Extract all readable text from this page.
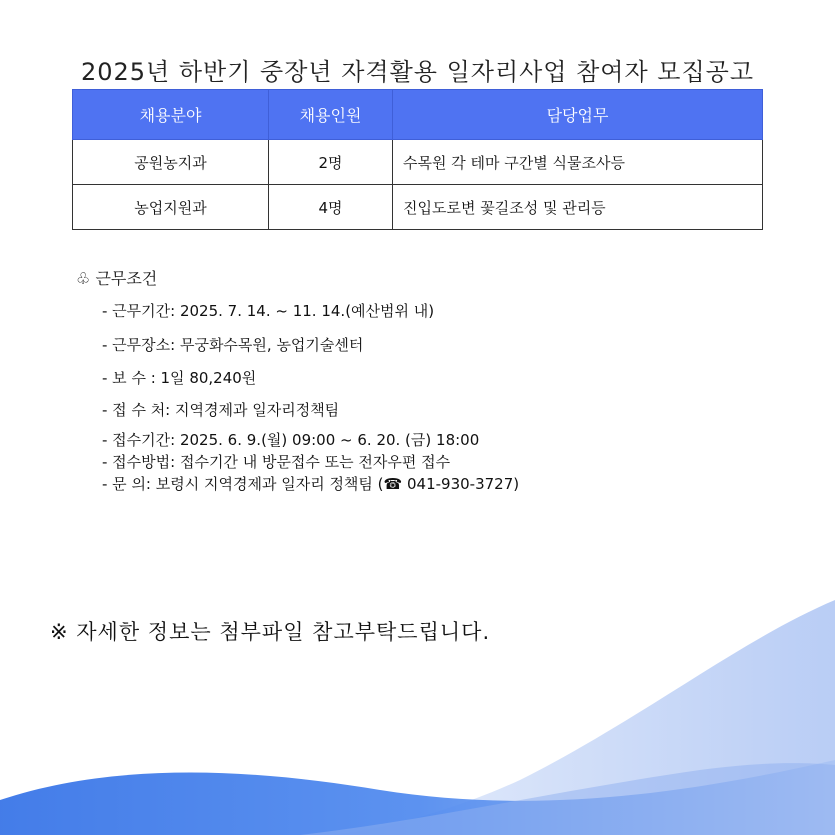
2025년 하반기 중장년 자격활용 일자리사업 참여자 모집공고
채용분야	채용인원	담당업무
공원농지과	2명	수목원 각 테마 구간별 식물조사등
농업지원과	4명	진입도로변 꽃길조성 및 관리등
♧ 근무조건
- 근무기간: 2025. 7. 14. ~ 11. 14.(예산범위 내)
- 근무장소: 무궁화수목원, 농업기술센터
- 보 수 : 1일 80,240원
- 접 수 처: 지역경제과 일자리정책팀
- 접수기간: 2025. 6. 9.(월) 09:00 ~ 6. 20. (금) 18:00
- 접수방법: 접수기간 내 방문접수 또는 전자우편 접수
- 문 의: 보령시 지역경제과 일자리 정책팀 (☎ 041-930-3727)
※ 자세한 정보는 첨부파일 참고부탁드립니다.
